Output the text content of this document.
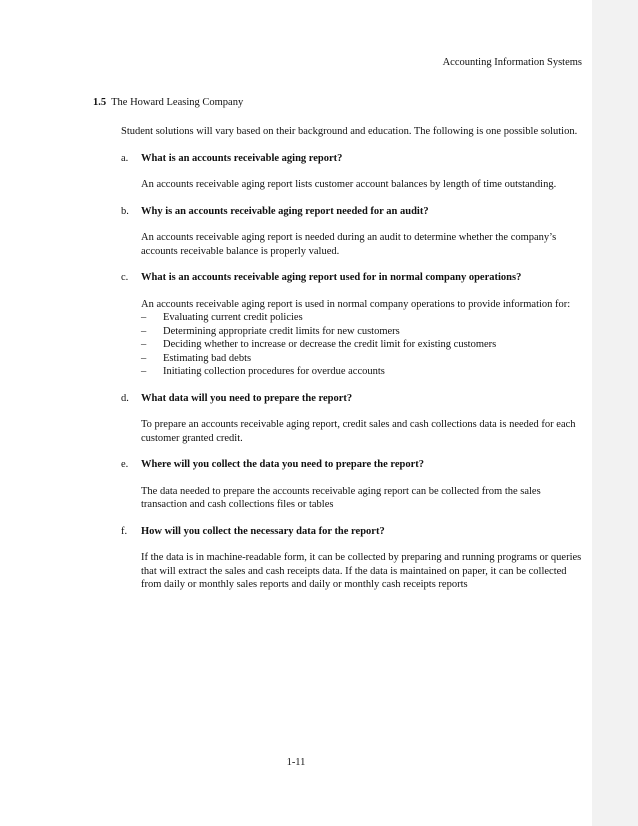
Accounting Information Systems
1.5 The Howard Leasing Company

Student solutions will vary based on their background and education. The following is one possible solution.

a.	What is an accounts receivable aging report?
An accounts receivable aging report lists customer account balances by length of time outstanding.
b.	Why is an accounts receivable aging report needed for an audit?
An accounts receivable aging report is needed during an audit to determine whether the company’s accounts receivable balance is properly valued.
c.	What is an accounts receivable aging report used for in normal company operations?
An accounts receivable aging report is used in normal company operations to provide information for:
– Evaluating current credit policies
– Determining appropriate credit limits for new customers
– Deciding whether to increase or decrease the credit limit for existing customers
– Estimating bad debts
– Initiating collection procedures for overdue accounts
d.	What data will you need to prepare the report?
To prepare an accounts receivable aging report, credit sales and cash collections data is needed for each customer granted credit.
e.	Where will you collect the data you need to prepare the report?
The data needed to prepare the accounts receivable aging report can be collected from the sales transaction and cash collections files or tables
f.	How will you collect the necessary data for the report?
If the data is in machine-readable form, it can be collected by preparing and running programs or queries that will extract the sales and cash receipts data. If the data is maintained on paper, it can be collected from daily or monthly sales reports and daily or monthly cash receipts reports
1-11
